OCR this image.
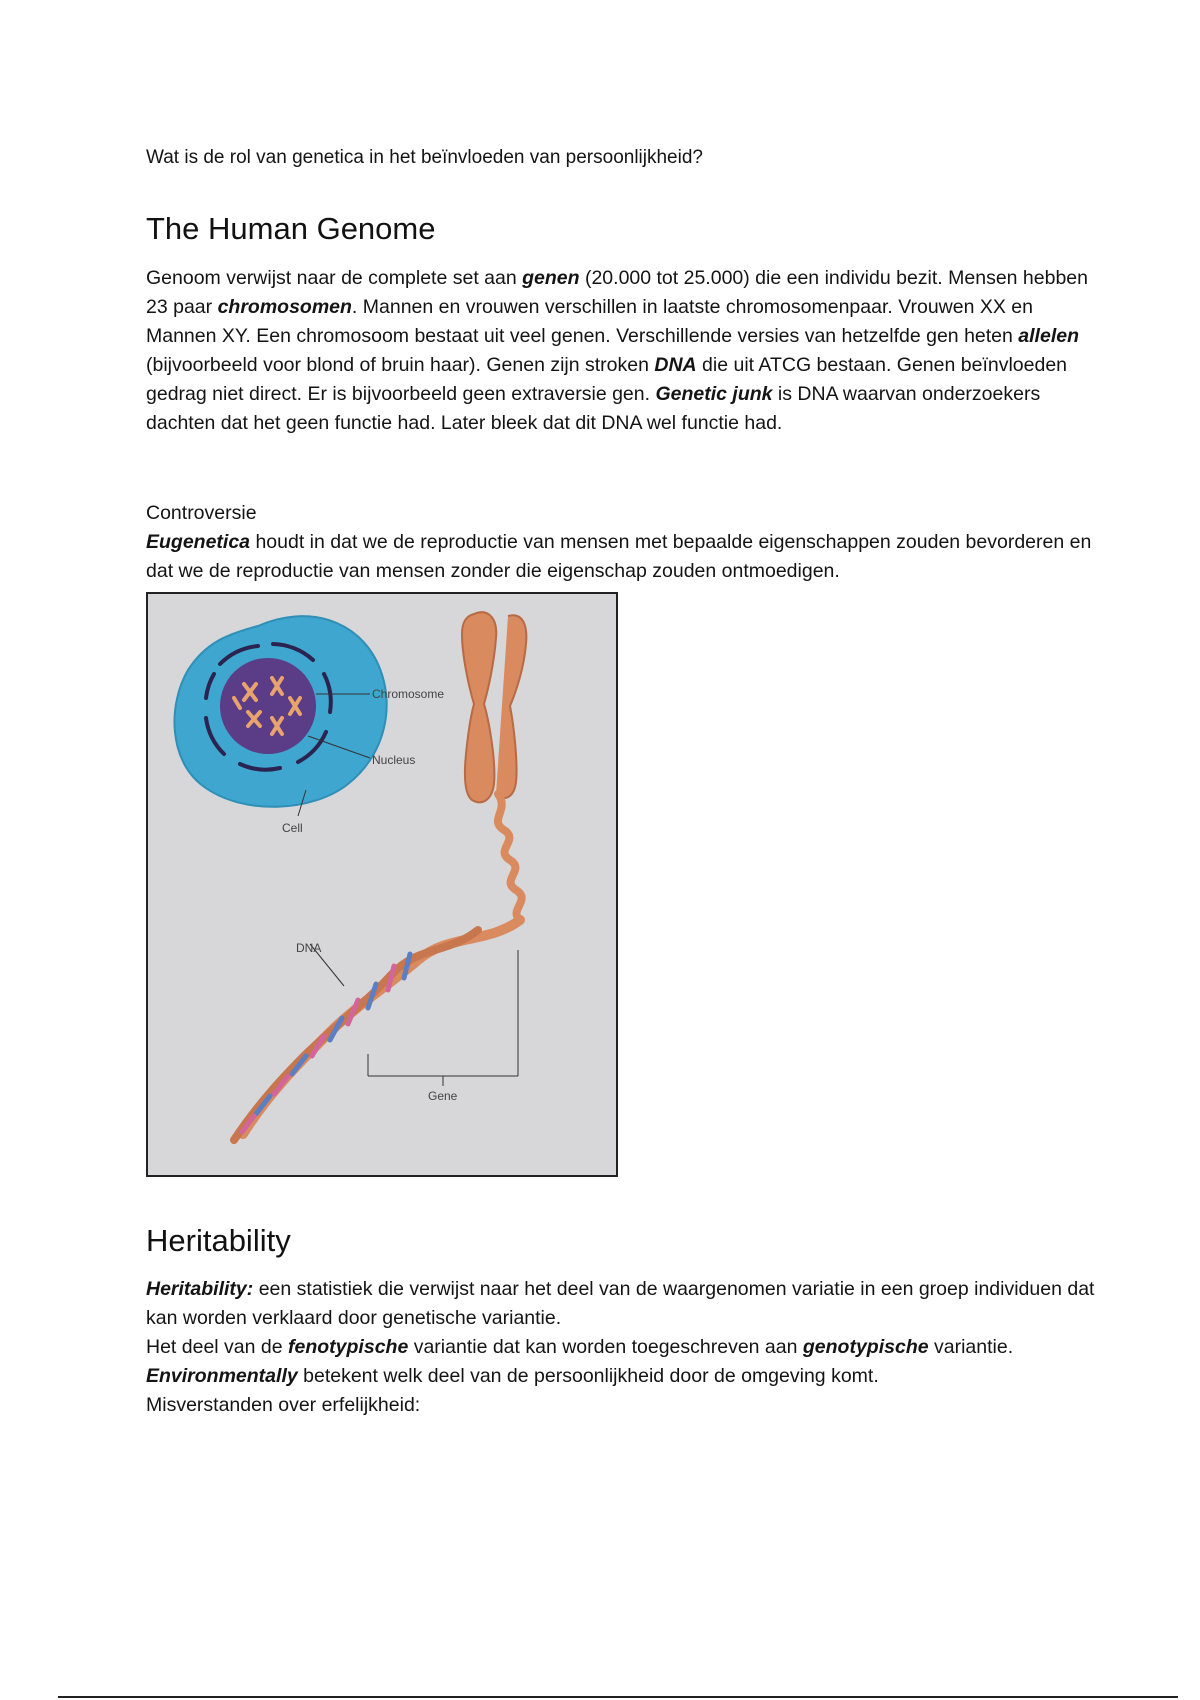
Wat is de rol van genetica in het beïnvloeden van persoonlijkheid?

The Human Genome

Genoom verwijst naar de complete set aan genen (20.000 tot 25.000) die een individu bezit. Mensen hebben 23 paar chromosomen. Mannen en vrouwen verschillen in laatste chromosomenpaar. Vrouwen XX en Mannen XY. Een chromosoom bestaat uit veel genen. Verschillende versies van hetzelfde gen heten allelen (bijvoorbeeld voor blond of bruin haar). Genen zijn stroken DNA die uit ATCG bestaan. Genen beïnvloeden gedrag niet direct. Er is bijvoorbeeld geen extraversie gen. Genetic junk is DNA waarvan onderzoekers dachten dat het geen functie had. Later bleek dat dit DNA wel functie had.

Controversie

Eugenetica houdt in dat we de reproductie van mensen met bepaalde eigenschappen zouden bevorderen en dat we de reproductie van mensen zonder die eigenschap zouden ontmoedigen.

Chromosome
Nucleus
Cell
DNA
Gene
Heritability

Heritability: een statistiek die verwijst naar het deel van de waargenomen variatie in een groep individuen dat kan worden verklaard door genetische variantie.

Het deel van de fenotypische variantie dat kan worden toegeschreven aan genotypische variantie. Environmentally betekent welk deel van de persoonlijkheid door de omgeving komt.

Misverstanden over erfelijkheid:
